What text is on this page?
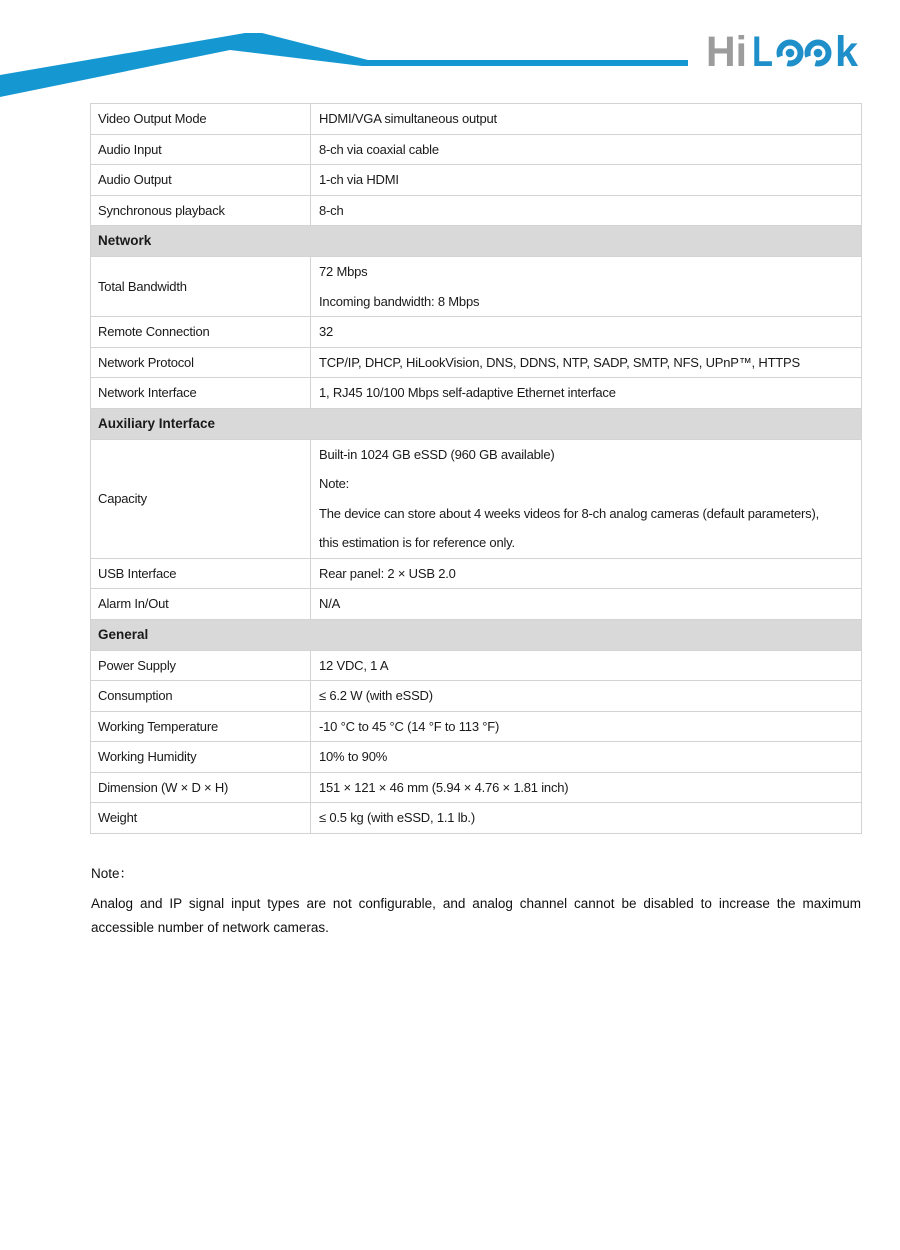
Hi L k
Video Output Mode	HDMI/VGA simultaneous output

Audio Input	8-ch via coaxial cable

Audio Output	1-ch via HDMI

Synchronous playback	8-ch

Network	
Total Bandwidth	72 Mbps

Incoming bandwidth: 8 Mbps

Remote Connection	32

Network Protocol	TCP/IP, DHCP, HiLookVision, DNS, DDNS, NTP, SADP, SMTP, NFS, UPnP™, HTTPS

Network Interface	1, RJ45 10/100 Mbps self-adaptive Ethernet interface

Auxiliary Interface	
Capacity	Built-in 1024 GB eSSD (960 GB available)

Note:

The device can store about 4 weeks videos for 8-ch analog cameras (default parameters),

this estimation is for reference only.

USB Interface	Rear panel: 2 × USB 2.0

Alarm In/Out	N/A

General	
Power Supply	12 VDC, 1 A

Consumption	≤ 6.2 W (with eSSD)

Working Temperature	-10 °C to 45 °C (14 °F to 113 °F)

Working Humidity	10% to 90%

Dimension (W × D × H)	151 × 121 × 46 mm (5.94 × 4.76 × 1.81 inch)

Weight	≤ 0.5 kg (with eSSD, 1.1 lb.)

Note：
Analog and IP signal input types are not configurable, and analog channel cannot be disabled to increase the maximum accessible number of network cameras.
